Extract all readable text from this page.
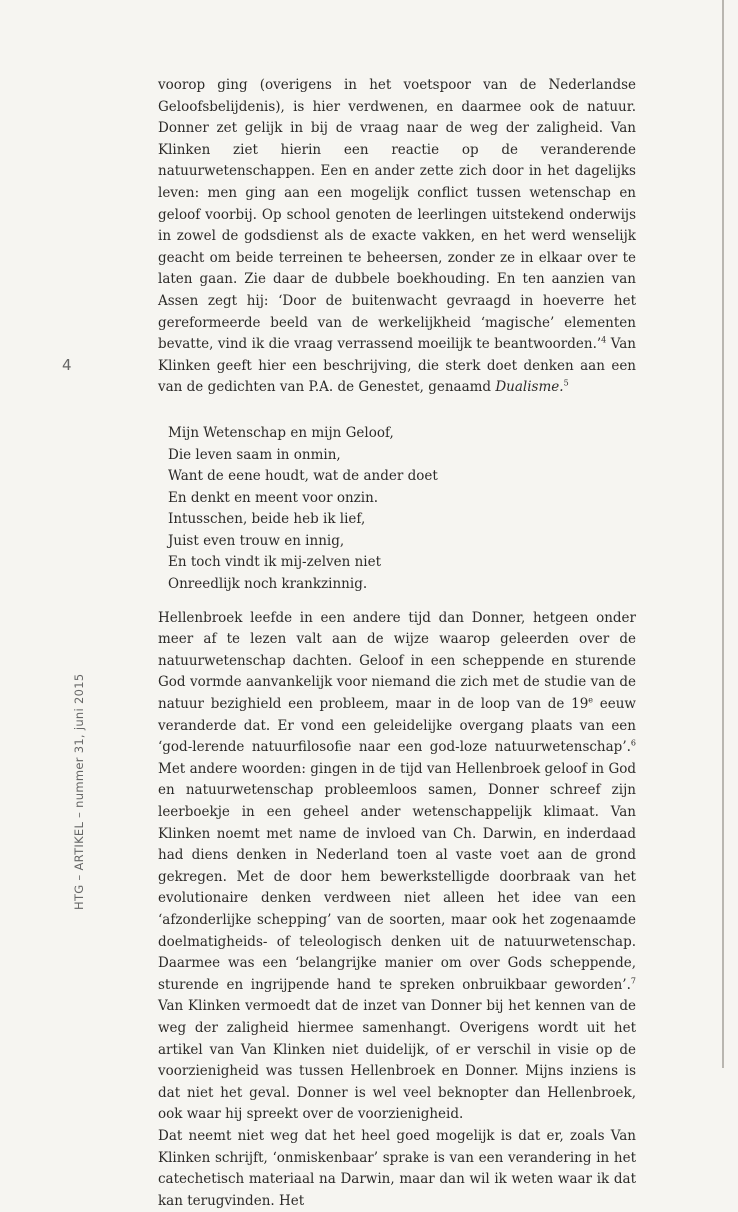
4
HTG – ARTIKEL – nummer 31, juni 2015

voorop ging (overigens in het voetspoor van de Nederlandse Geloofsbelijdenis), is hier verdwenen, en daarmee ook de natuur. Donner zet gelijk in bij de vraag naar de weg der zaligheid. Van Klinken ziet hierin een reactie op de veranderende natuurwetenschappen. Een en ander zette zich door in het dagelijks leven: men ging aan een mogelijk conflict tussen wetenschap en geloof voorbij. Op school genoten de leerlingen uitstekend onderwijs in zowel de godsdienst als de exacte vakken, en het werd wenselijk geacht om beide terreinen te beheersen, zonder ze in elkaar over te laten gaan. Zie daar de dubbele boekhouding. En ten aanzien van Assen zegt hij: ‘Door de buitenwacht gevraagd in hoeverre het gereformeerde beeld van de werkelijkheid ‘magische’ elementen bevatte, vind ik die vraag verrassend moeilijk te beantwoorden.’$^4$ Van Klinken geeft hier een beschrijving, die sterk doet denken aan een van de gedichten van P.A. de Genestet, genaamd Dualisme.$^5$

Mijn Wetenschap en mijn Geloof,
Die leven saam in onmin,
Want de eene houdt, wat de ander doet
En denkt en meent voor onzin.
Intusschen, beide heb ik lief,
Juist even trouw en innig,
En toch vindt ik mij-zelven niet
Onreedlijk noch krankzinnig.

Hellenbroek leefde in een andere tijd dan Donner, hetgeen onder meer af te lezen valt aan de wijze waarop geleerden over de natuurwetenschap dachten. Geloof in een scheppende en sturende God vormde aanvankelijk voor niemand die zich met de studie van de natuur bezighield een probleem, maar in de loop van de 19e eeuw veranderde dat. Er vond een geleidelijke overgang plaats van een ‘god-lerende natuurfilosofie naar een god-loze natuurwetenschap’.$^6$ Met andere woorden: gingen in de tijd van Hellenbroek geloof in God en natuurwetenschap probleemloos samen, Donner schreef zijn leerboekje in een geheel ander wetenschappelijk klimaat. Van Klinken noemt met name de invloed van Ch. Darwin, en inderdaad had diens denken in Nederland toen al vaste voet aan de grond gekregen. Met de door hem bewerkstelligde doorbraak van het evolutionaire denken verdween niet alleen het idee van een ‘afzonderlijke schepping’ van de soorten, maar ook het zogenaamde doelmatigheids- of teleologisch denken uit de natuurwetenschap. Daarmee was een ‘belangrijke manier om over Gods scheppende, sturende en ingrijpende hand te spreken onbruikbaar geworden’.$^7$ Van Klinken vermoedt dat de inzet van Donner bij het kennen van de weg der zaligheid hiermee samenhangt. Overigens wordt uit het artikel van Van Klinken niet duidelijk, of er verschil in visie op de voorzienigheid was tussen Hellenbroek en Donner. Mijns inziens is dat niet het geval. Donner is wel veel beknopter dan Hellenbroek, ook waar hij spreekt over de voorzienigheid.

Dat neemt niet weg dat het heel goed mogelijk is dat er, zoals Van Klinken schrijft, ‘onmiskenbaar’ sprake is van een verandering in het catechetisch materiaal na Darwin, maar dan wil ik weten waar ik dat kan terugvinden. Het
